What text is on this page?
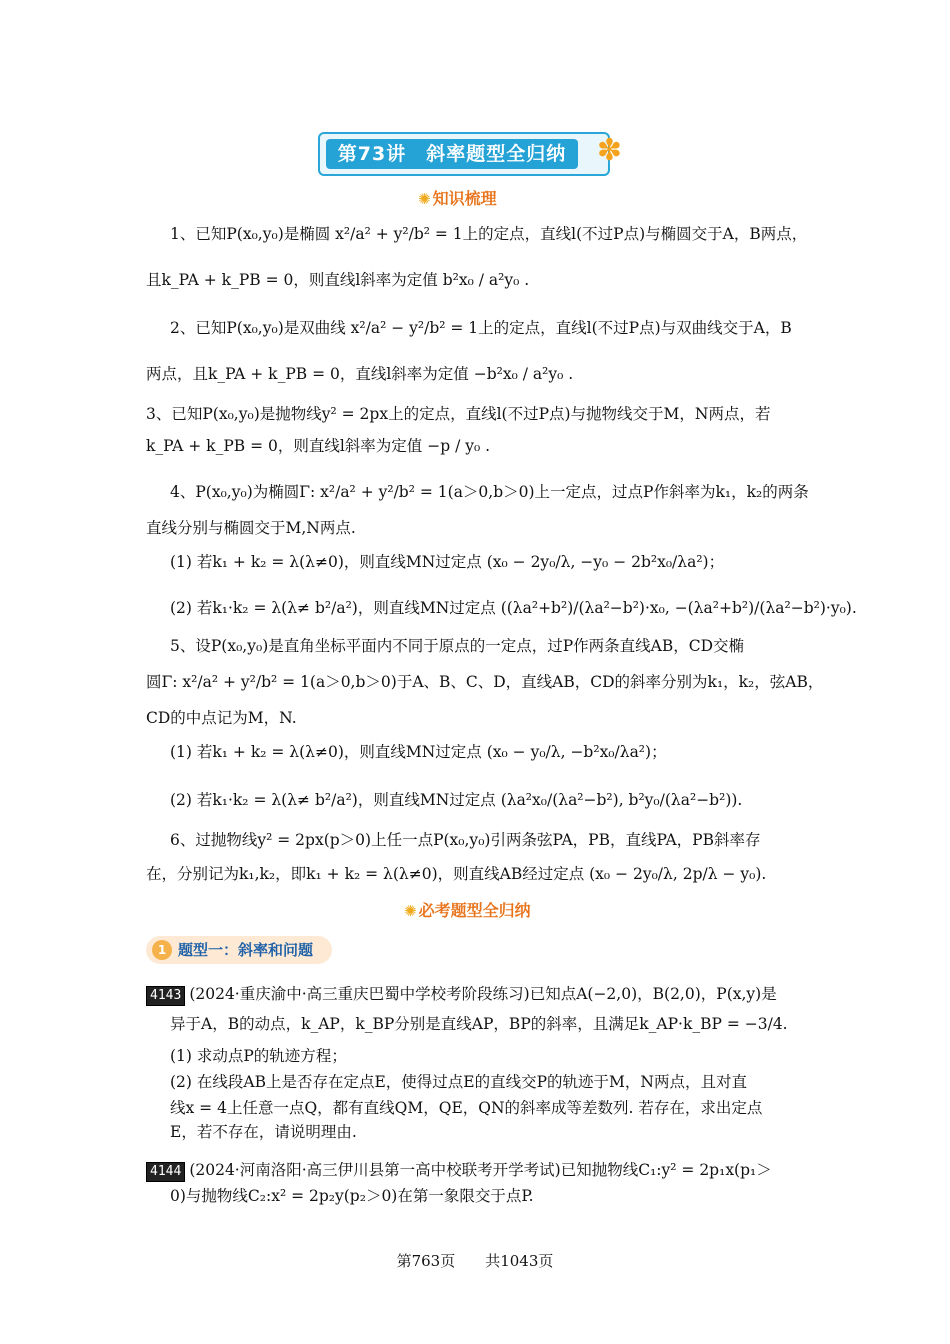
第73讲　斜率题型全归纳	✽
✺ 知识梳理
1、已知P(x₀,y₀)是椭圆 x²/a² + y²/b² = 1上的定点，直线l(不过P点)与椭圆交于A，B两点，
且k_PA + k_PB = 0，则直线l斜率为定值 b²x₀ / a²y₀ .
2、已知P(x₀,y₀)是双曲线 x²/a² − y²/b² = 1上的定点，直线l(不过P点)与双曲线交于A，B
两点，且k_PA + k_PB = 0，直线l斜率为定值 −b²x₀ / a²y₀ .
3、已知P(x₀,y₀)是抛物线y² = 2px上的定点，直线l(不过P点)与抛物线交于M，N两点，若
k_PA + k_PB = 0，则直线l斜率为定值 −p / y₀ .
4、P(x₀,y₀)为椭圆Γ: x²/a² + y²/b² = 1(a＞0,b＞0)上一定点，过点P作斜率为k₁，k₂的两条
直线分别与椭圆交于M,N两点.
(1) 若k₁ + k₂ = λ(λ≠0)，则直线MN过定点 (x₀ − 2y₀/λ, −y₀ − 2b²x₀/λa²)；
(2) 若k₁·k₂ = λ(λ≠ b²/a²)，则直线MN过定点 ((λa²+b²)/(λa²−b²)·x₀, −(λa²+b²)/(λa²−b²)·y₀).
5、设P(x₀,y₀)是直角坐标平面内不同于原点的一定点，过P作两条直线AB，CD交椭
圆Γ: x²/a² + y²/b² = 1(a＞0,b＞0)于A、B、C、D，直线AB，CD的斜率分别为k₁，k₂，弦AB，
CD的中点记为M，N.
(1) 若k₁ + k₂ = λ(λ≠0)，则直线MN过定点 (x₀ − y₀/λ, −b²x₀/λa²)；
(2) 若k₁·k₂ = λ(λ≠ b²/a²)，则直线MN过定点 (λa²x₀/(λa²−b²), b²y₀/(λa²−b²)).
6、过抛物线y² = 2px(p＞0)上任一点P(x₀,y₀)引两条弦PA，PB，直线PA，PB斜率存
在，分别记为k₁,k₂，即k₁ + k₂ = λ(λ≠0)，则直线AB经过定点 (x₀ − 2y₀/λ, 2p/λ − y₀).
✺ 必考题型全归纳
1 题型一：斜率和问题
4143 (2024·重庆渝中·高三重庆巴蜀中学校考阶段练习)已知点A(−2,0)，B(2,0)，P(x,y)是
异于A，B的动点，k_AP，k_BP分别是直线AP，BP的斜率，且满足k_AP·k_BP = −3/4.
(1) 求动点P的轨迹方程；
(2) 在线段AB上是否存在定点E，使得过点E的直线交P的轨迹于M，N两点，且对直
线x = 4上任意一点Q，都有直线QM，QE，QN的斜率成等差数列. 若存在，求出定点
E，若不存在，请说明理由.
4144 (2024·河南洛阳·高三伊川县第一高中校联考开学考试)已知抛物线C₁:y² = 2p₁x(p₁＞
0)与抛物线C₂:x² = 2p₂y(p₂＞0)在第一象限交于点P.
第763页　　共1043页
